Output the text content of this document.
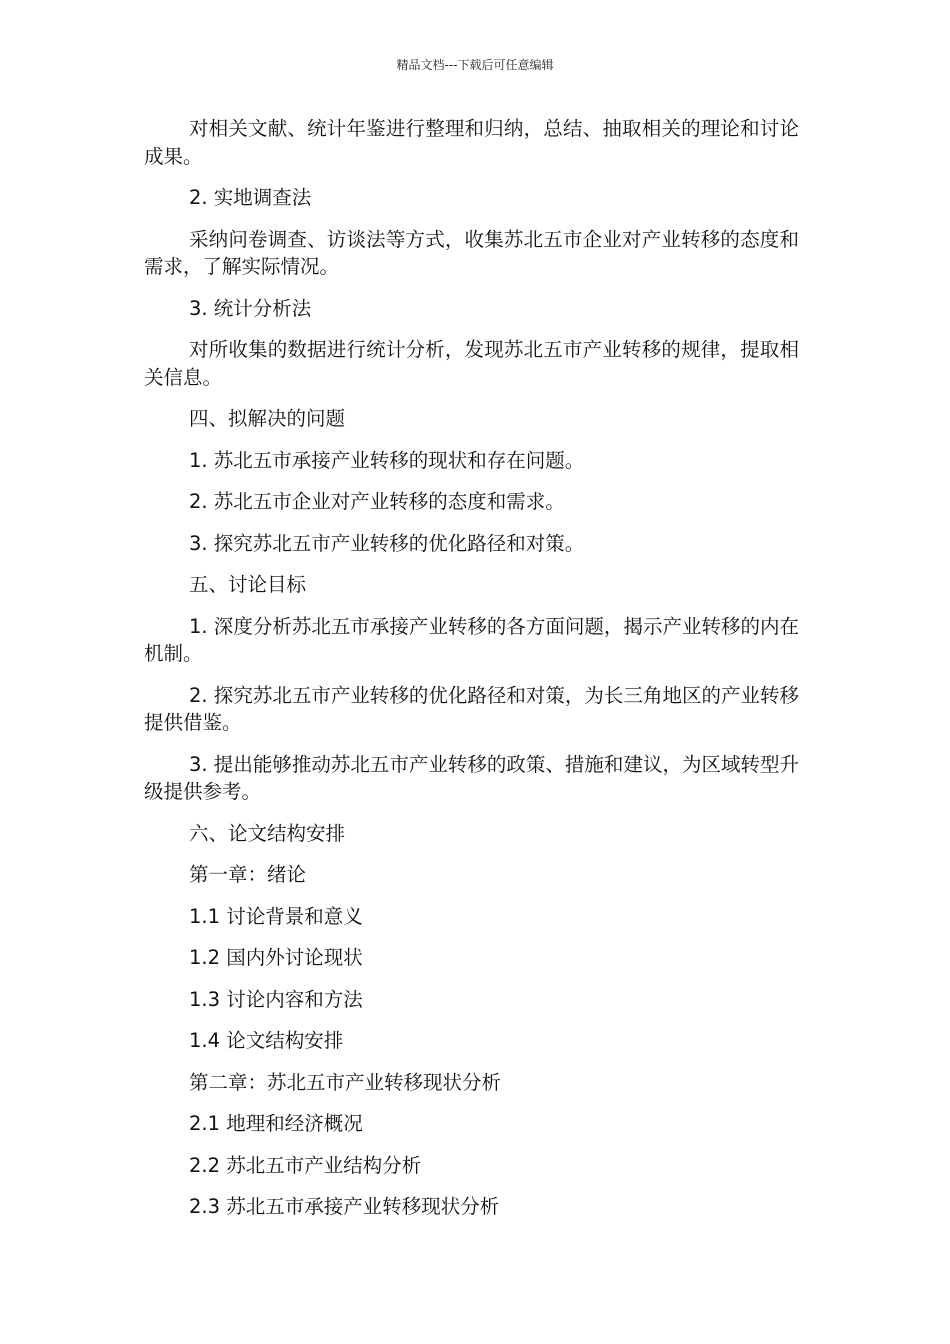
精品文档---下载后可任意编辑

对相关文献、统计年鉴进行整理和归纳，总结、抽取相关的理论和讨论成果。

2. 实地调查法

采纳问卷调查、访谈法等方式，收集苏北五市企业对产业转移的态度和需求，了解实际情况。

3. 统计分析法

对所收集的数据进行统计分析，发现苏北五市产业转移的规律，提取相关信息。

四、拟解决的问题

1. 苏北五市承接产业转移的现状和存在问题。

2. 苏北五市企业对产业转移的态度和需求。

3. 探究苏北五市产业转移的优化路径和对策。

五、讨论目标

1. 深度分析苏北五市承接产业转移的各方面问题，揭示产业转移的内在机制。

2. 探究苏北五市产业转移的优化路径和对策，为长三角地区的产业转移提供借鉴。

3. 提出能够推动苏北五市产业转移的政策、措施和建议，为区域转型升级提供参考。

六、论文结构安排

第一章：绪论

1.1 讨论背景和意义

1.2 国内外讨论现状

1.3 讨论内容和方法

1.4 论文结构安排

第二章：苏北五市产业转移现状分析

2.1 地理和经济概况

2.2 苏北五市产业结构分析

2.3 苏北五市承接产业转移现状分析
